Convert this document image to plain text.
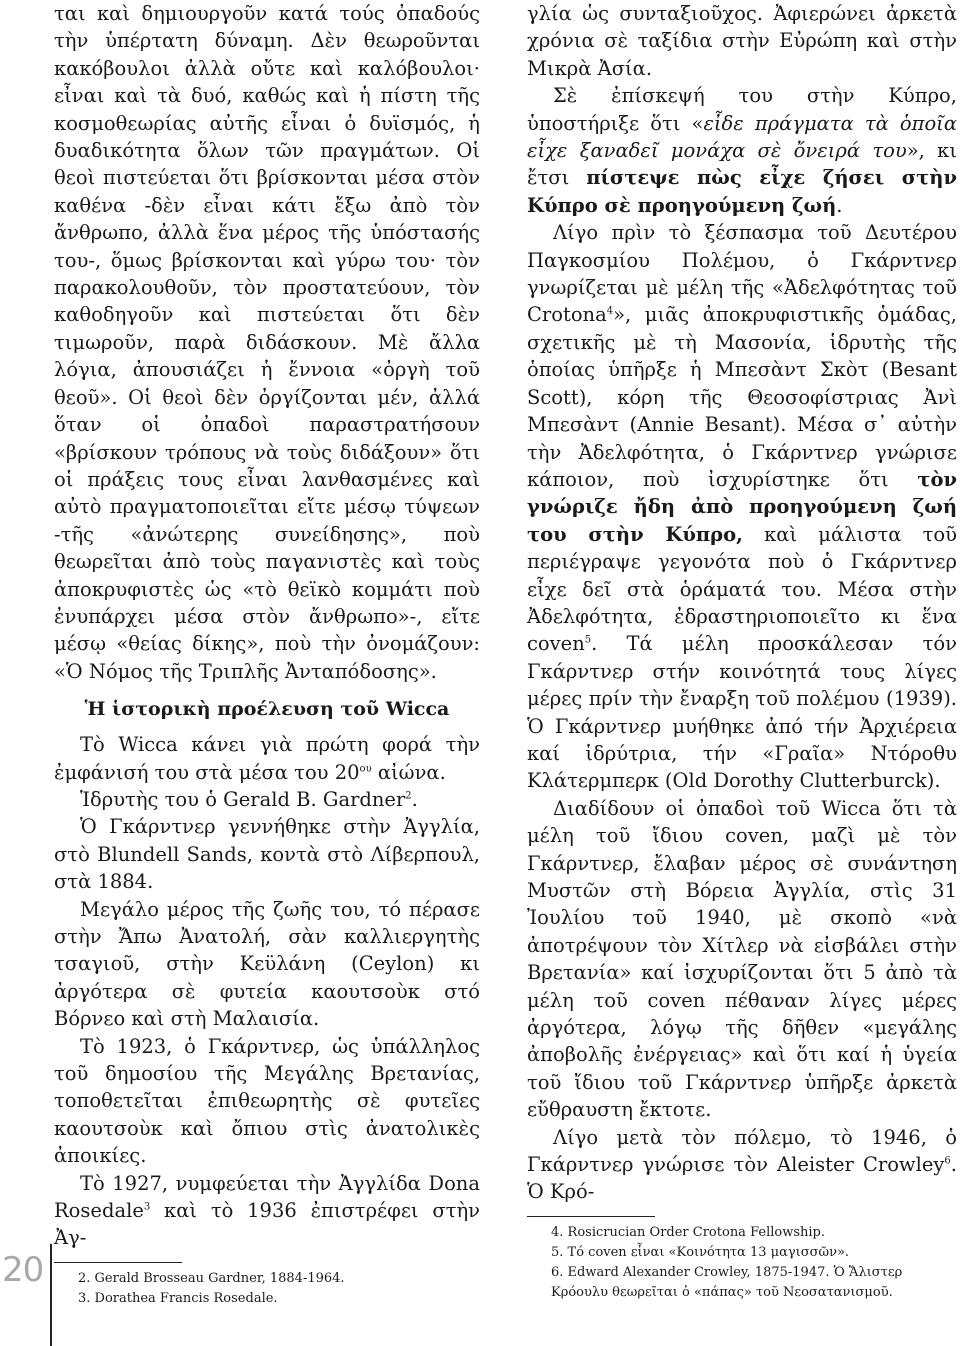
ται καὶ δημιουργοῦν κατά τούς ὀπαδούς τὴν ὑπέρτατη δύναμη. Δὲν θεωροῦνται κακόβουλοι ἀλλὰ οὔτε καὶ καλόβουλοι· εἶναι καὶ τὰ δυό, καθώς καὶ ἡ πίστη τῆς κοσμοθεωρίας αὐτῆς εἶναι ὁ δυϊσμός, ἡ δυαδικότητα ὅλων τῶν πραγμάτων. Οἱ θεοὶ πιστεύεται ὅτι βρίσκονται μέσα στὸν καθένα -δὲν εἶναι κάτι ἔξω ἀπὸ τὸν ἄνθρωπο, ἀλλὰ ἕνα μέρος τῆς ὑπόστασής του-, ὅμως βρίσκονται καὶ γύρω του· τὸν παρακολουθοῦν, τὸν προστατεύουν, τὸν καθοδηγοῦν καὶ πιστεύεται ὅτι δὲν τιμωροῦν, παρὰ διδάσκουν. Μὲ ἄλλα λόγια, ἀπουσιάζει ἡ ἔννοια «ὀργὴ τοῦ θεοῦ». Οἱ θεοὶ δὲν ὀργίζονται μέν, ἀλλά ὅταν οἱ ὀπαδοὶ παραστρατήσουν «βρίσκουν τρόπους νὰ τοὺς διδάξουν» ὅτι οἱ πράξεις τους εἶναι λανθασμένες καὶ αὐτὸ πραγματοποιεῖται εἴτε μέσῳ τύψεων -τῆς «ἀνώτερης συνείδησης», ποὺ θεωρεῖται ἀπὸ τοὺς παγανιστὲς καὶ τοὺς ἀποκρυφιστὲς ὡς «τὸ θεϊκὸ κομμάτι ποὺ ἐνυπάρχει μέσα στὸν ἄνθρωπο»-, εἴτε μέσῳ «θείας δίκης», ποὺ τὴν ὀνομάζουν: «Ὁ Νόμος τῆς Τριπλῆς Ἀνταπόδοσης».

Ἡ ἱστορικὴ προέλευση τοῦ Wicca

Τὸ Wicca κάνει γιὰ πρώτη φορά τὴν ἐμφάνισή του στὰ μέσα του $20^{o\upsilon}$ αἰώνα.

Ἱδρυτὴς του ὁ Gerald B. Gardner$^2$.

Ὁ Γκάρντνερ γεννήθηκε στὴν Ἀγγλία, στὸ Blundell Sands, κοντὰ στὸ Λίβερπουλ, στὰ 1884.

Μεγάλο μέρος τῆς ζωῆς του, τό πέρασε στὴν Ἄπω Ἀνατολή, σὰν καλλιεργητὴς τσαγιοῦ, στὴν Κεϋλάνη (Ceylon) κι ἀργότερα σὲ φυτεία καουτσοὺκ στό Βόρνεο καὶ στὴ Μαλαισία.

Τὸ 1923, ὁ Γκάρντνερ, ὡς ὑπάλληλος τοῦ δημοσίου τῆς Μεγάλης Βρετανίας, τοποθετεῖται ἐπιθεωρητὴς σὲ φυτεῖες καουτσοὺκ καὶ ὄπιου στὶς ἀνατολικὲς ἀποικίες.

Τὸ 1927, νυμφεύεται τὴν Ἀγγλίδα Dona Rosedale$^3$ καὶ τὸ 1936 ἐπιστρέφει στὴν Ἀγ-

2. Gerald Brosseau Gardner, 1884-1964.

3. Dorathea Francis Rosedale.

γλία ὡς συνταξιοῦχος. Ἀφιερώνει ἀρκετὰ χρόνια σὲ ταξίδια στὴν Εὐρώπη καὶ στὴν Μικρὰ Ἀσία.

Σὲ ἐπίσκεψή του στὴν Κύπρο, ὑποστήριξε ὅτι «εἶδε πράγματα τὰ ὁποῖα εἶχε ξαναδεῖ μονάχα σὲ ὄνειρά του», κι ἔτσι πίστεψε πὼς εἶχε ζήσει στὴν Κύπρο σὲ προηγούμενη ζωή.

Λίγο πρὶν τὸ ξέσπασμα τοῦ Δευτέρου Παγκοσμίου Πολέμου, ὁ Γκάρντνερ γνωρίζεται μὲ μέλη τῆς «Ἀδελφότητας τοῦ Crotona$^4$», μιᾶς ἀποκρυφιστικῆς ὁμάδας, σχετικῆς μὲ τὴ Μασονία, ἱδρυτὴς τῆς ὁποίας ὑπῆρξε ἡ Μπεσὰντ Σκὸτ (Besant Scott), κόρη τῆς Θεοσοφίστριας Ἀνὶ Μπεσὰντ (Annie Besant). Μέσα σ᾿ αὐτὴν τὴν Ἀδελφότητα, ὁ Γκάρντνερ γνώρισε κάποιον, ποὺ ἰσχυρίστηκε ὅτι τὸν γνώριζε ἤδη ἀπὸ προηγούμενη ζωή του στὴν Κύπρο, καὶ μάλιστα τοῦ περιέγραψε γεγονότα ποὺ ὁ Γκάρντνερ εἶχε δεῖ στὰ ὁράματά του. Μέσα στὴν Ἀδελφότητα, ἐδραστηριοποιεῖτο κι ἕνα coven$^5$. Τά μέλη προσκάλεσαν τόν Γκάρντνερ στήν κοινότητά τους λίγες μέρες πρίν τὴν ἔναρξη τοῦ πολέμου (1939). Ὁ Γκάρντνερ μυήθηκε ἀπό τήν Ἀρχιέρεια καί ἱδρύτρια, τήν «Γραῖα» Ντόροθυ Κλάτερμπερκ (Old Dorothy Clutterburck).

Διαδίδουν οἱ ὀπαδοὶ τοῦ Wicca ὅτι τὰ μέλη τοῦ ἴδιου coven, μαζὶ μὲ τὸν Γκάρντνερ, ἔλαβαν μέρος σὲ συνάντηση Μυστῶν στὴ Βόρεια Ἀγγλία, στὶς 31 Ἰουλίου τοῦ 1940, μὲ σκοπὸ «νὰ ἀποτρέψουν τὸν Χίτλερ νὰ εἰσβάλει στὴν Βρετανία» καί ἰσχυρίζονται ὅτι 5 ἀπὸ τὰ μέλη τοῦ coven πέθαναν λίγες μέρες ἀργότερα, λόγῳ τῆς δῆθεν «μεγάλης ἀποβολῆς ἐνέργειας» καὶ ὅτι καί ἡ ὑγεία τοῦ ἴδιου τοῦ Γκάρντνερ ὑπῆρξε ἀρκετὰ εὔθραυστη ἔκτοτε.

Λίγο μετὰ τὸν πόλεμο, τὸ 1946, ὁ Γκάρντνερ γνώρισε τὸν Aleister Crowley$^6$. Ὁ Κρό-

4. Rosicrucian Order Crotona Fellowship.

5. Τό coven εἶναι «Κοινότητα 13 μαγισσῶν».

6. Edward Alexander Crowley, 1875-1947. Ὁ Ἄλιστερ Κρόουλυ θεωρεῖται ὁ «πάπας» τοῦ Νεοσατανισμοῦ.

20
